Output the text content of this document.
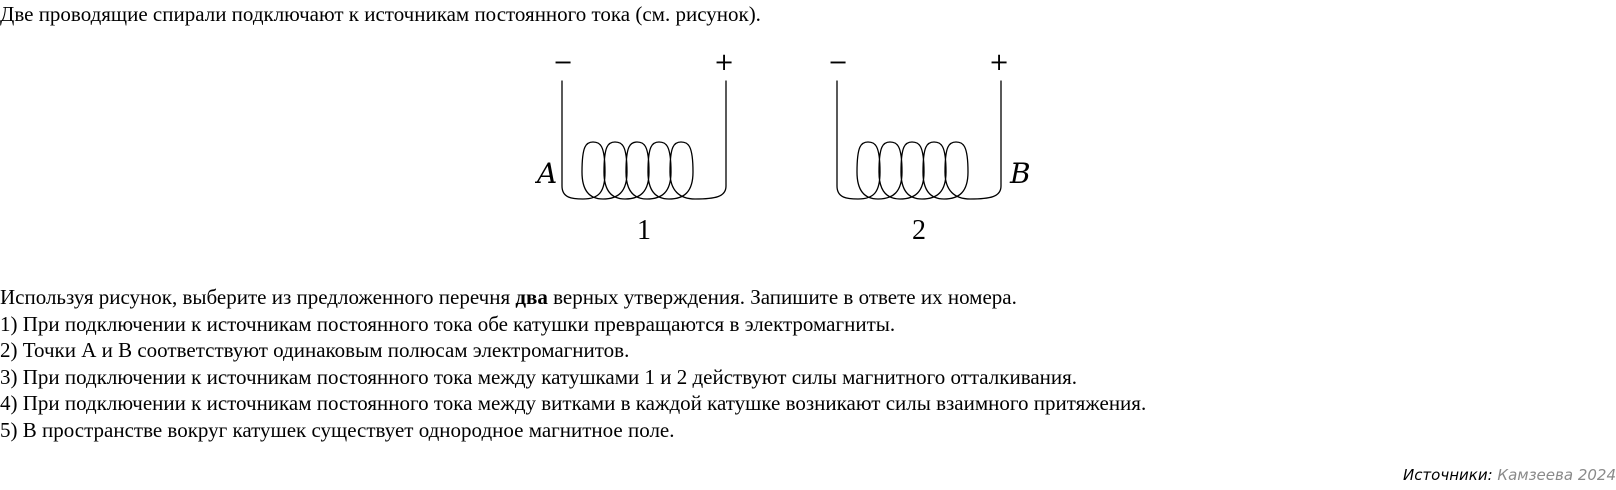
Две проводящие спирали подключают к источникам постоянного тока (см. рисунок).

−	+
A
1
−	+
B
2
Используя рисунок, выберите из предложенного перечня два верных утверждения. Запишите в ответе их номера.
1) При подключении к источникам постоянного тока обе катушки превращаются в электромагниты.
2) Точки А и В соответствуют одинаковым полюсам электромагнитов.
3) При подключении к источникам постоянного тока между катушками 1 и 2 действуют силы магнитного отталкивания.
4) При подключении к источникам постоянного тока между витками в каждой катушке возникают силы взаимного притяжения.
5) В пространстве вокруг катушек существует однородное магнитное поле.
Источники: Камзеева 2024
